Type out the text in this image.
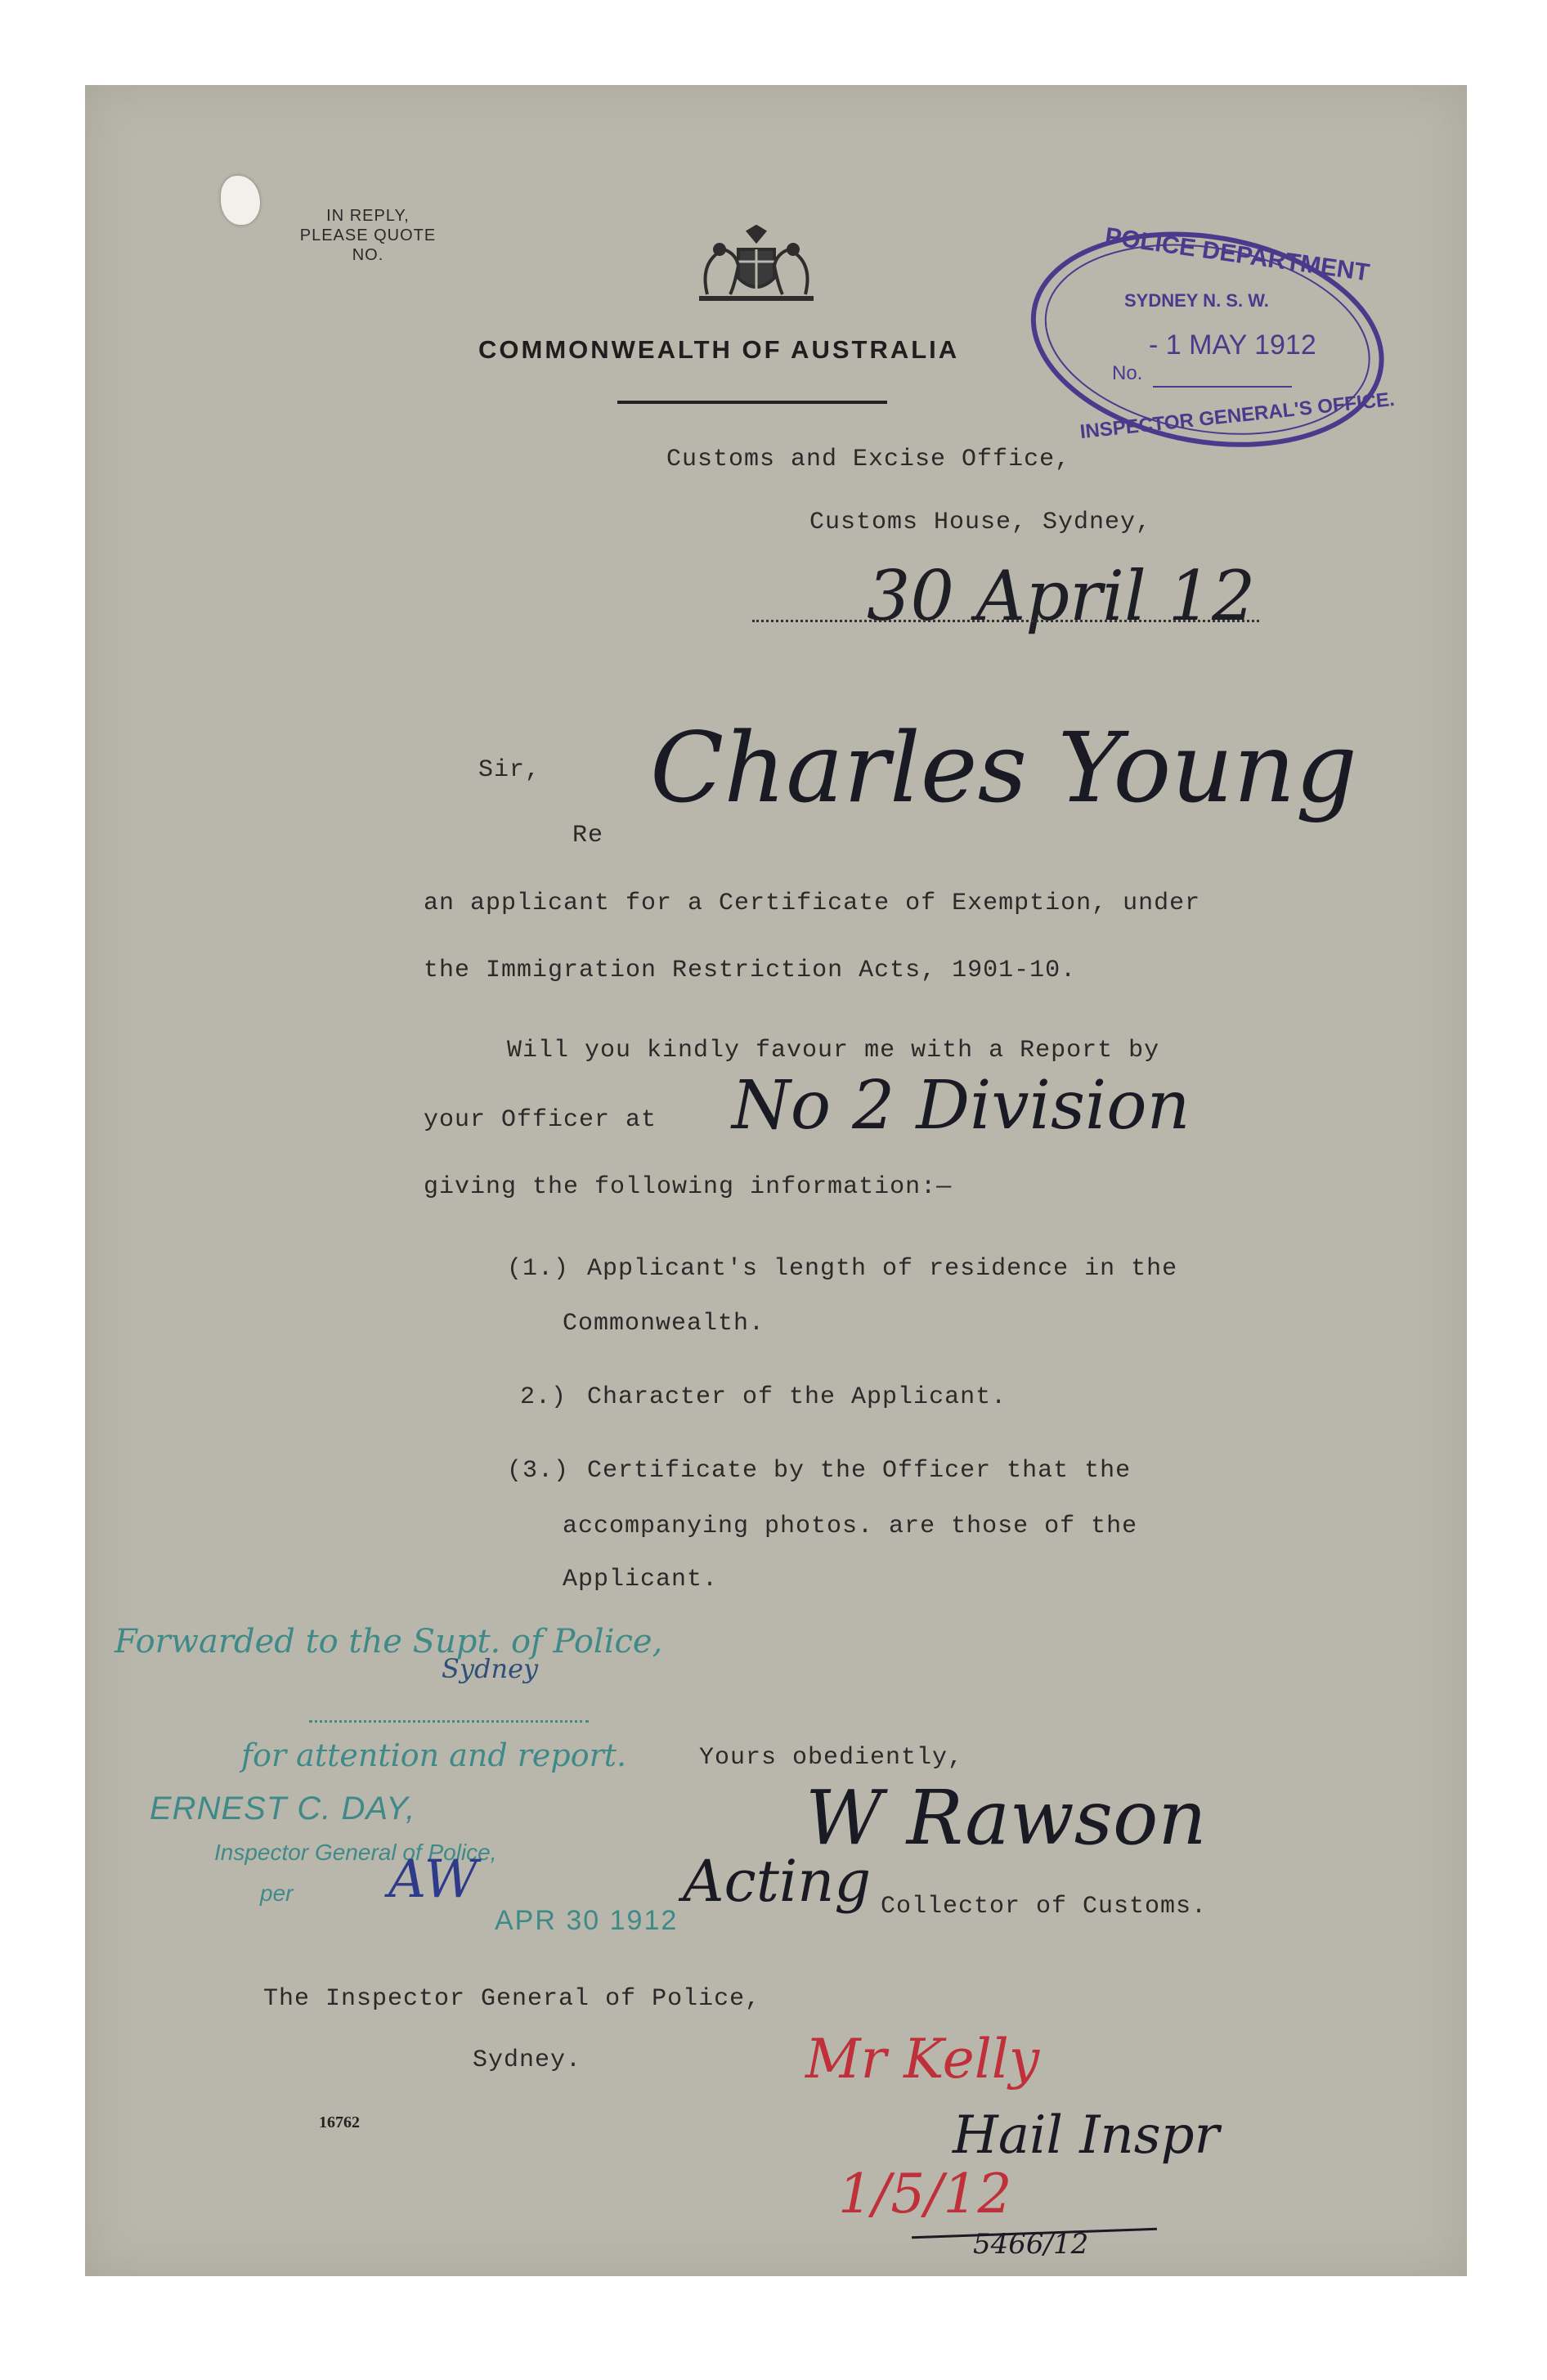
IN REPLY,
PLEASE QUOTE
NO.
COMMONWEALTH OF AUSTRALIA
POLICE DEPARTMENT
SYDNEY N. S. W.
- 1 MAY 1912
No.
INSPECTOR GENERAL'S OFFICE.
Customs and Excise Office,
Customs House, Sydney,
30 April 12
Sir,
Re
Charles Young
an applicant for a Certificate of Exemption, under
the Immigration Restriction Acts, 1901-10.
Will you kindly favour me with a Report by
your Officer at No 2 Division
giving the following information:—
(1.) Applicant's length of residence in the
Commonwealth.
2.) Character of the Applicant.
(3.) Certificate by the Officer that the
accompanying photos. are those of the
Applicant.
Forwarded to the Supt. of Police,
Sydney
for attention and report.
ERNEST C. DAY,
Inspector General of Police,
per AW
APR 30 1912
Yours obediently,
W Rawson
Acting Collector of Customs.
The Inspector General of Police,
Sydney.
16762
Mr Kelly
Hail Inspr
1/5/12
5466/12
